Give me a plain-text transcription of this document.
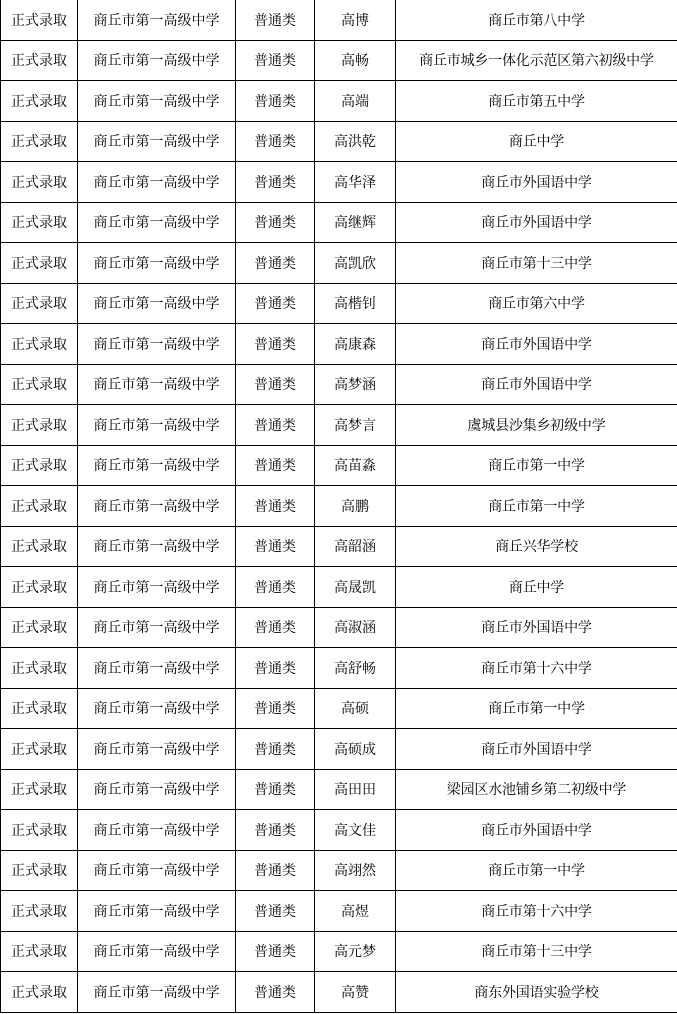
正式录取	商丘市第一高级中学	普通类	高博	商丘市第八中学
正式录取	商丘市第一高级中学	普通类	高畅	商丘市城乡一体化示范区第六初级中学
正式录取	商丘市第一高级中学	普通类	高端	商丘市第五中学
正式录取	商丘市第一高级中学	普通类	高洪乾	商丘中学
正式录取	商丘市第一高级中学	普通类	高华泽	商丘市外国语中学
正式录取	商丘市第一高级中学	普通类	高继辉	商丘市外国语中学
正式录取	商丘市第一高级中学	普通类	高凯欣	商丘市第十三中学
正式录取	商丘市第一高级中学	普通类	高楷钊	商丘市第六中学
正式录取	商丘市第一高级中学	普通类	高康森	商丘市外国语中学
正式录取	商丘市第一高级中学	普通类	高梦涵	商丘市外国语中学
正式录取	商丘市第一高级中学	普通类	高梦言	虞城县沙集乡初级中学
正式录取	商丘市第一高级中学	普通类	高苗淼	商丘市第一中学
正式录取	商丘市第一高级中学	普通类	高鹏	商丘市第一中学
正式录取	商丘市第一高级中学	普通类	高韶涵	商丘兴华学校
正式录取	商丘市第一高级中学	普通类	高晟凯	商丘中学
正式录取	商丘市第一高级中学	普通类	高淑涵	商丘市外国语中学
正式录取	商丘市第一高级中学	普通类	高舒畅	商丘市第十六中学
正式录取	商丘市第一高级中学	普通类	高硕	商丘市第一中学
正式录取	商丘市第一高级中学	普通类	高硕成	商丘市外国语中学
正式录取	商丘市第一高级中学	普通类	高田田	梁园区水池铺乡第二初级中学
正式录取	商丘市第一高级中学	普通类	高文佳	商丘市外国语中学
正式录取	商丘市第一高级中学	普通类	高翊然	商丘市第一中学
正式录取	商丘市第一高级中学	普通类	高煜	商丘市第十六中学
正式录取	商丘市第一高级中学	普通类	高元梦	商丘市第十三中学
正式录取	商丘市第一高级中学	普通类	高赞	商东外国语实验学校
